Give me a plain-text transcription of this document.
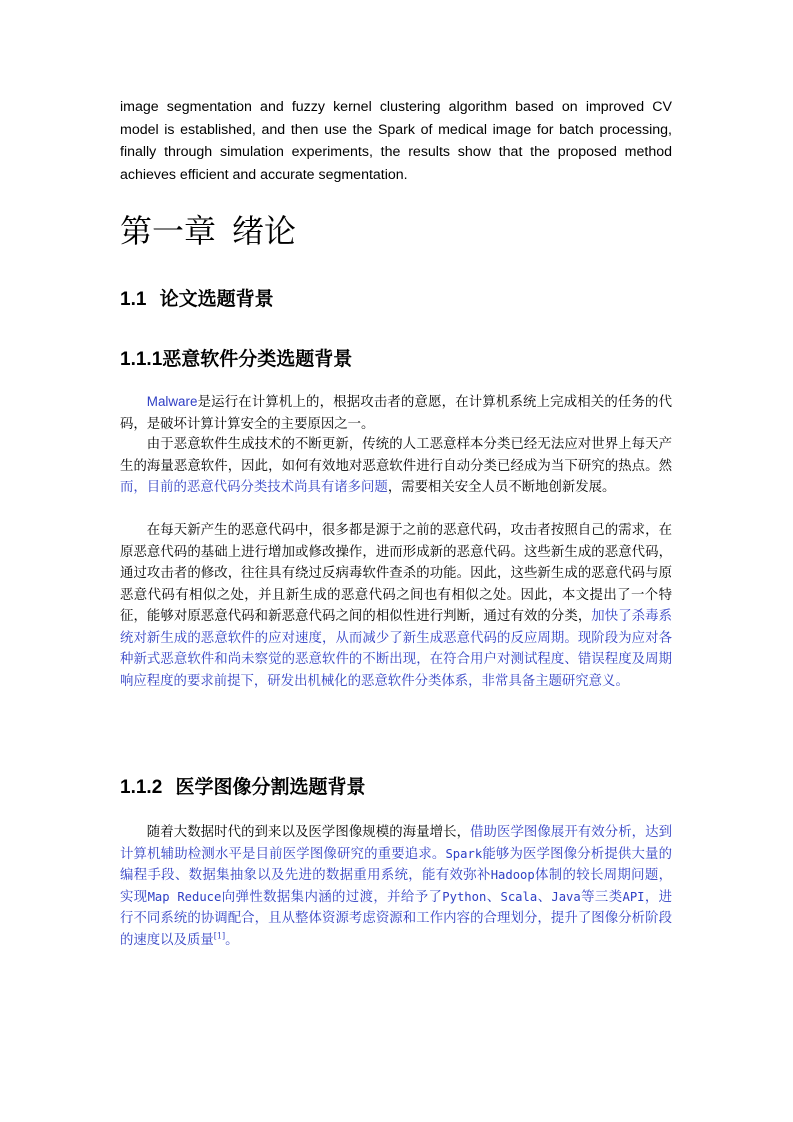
image segmentation and fuzzy kernel clustering algorithm based on improved CV model is established, and then use the Spark of medical image for batch processing, finally through simulation experiments, the results show that the proposed method achieves efficient and accurate segmentation.

第一章 绪论
1.1 论文选题背景
1.1.1恶意软件分类选题背景

Malware是运行在计算机上的，根据攻击者的意愿，在计算机系统上完成相关的任务的代码，是破坏计算计算安全的主要原因之一。

由于恶意软件生成技术的不断更新，传统的人工恶意样本分类已经无法应对世界上每天产生的海量恶意软件，因此，如何有效地对恶意软件进行自动分类已经成为当下研究的热点。然而，目前的恶意代码分类技术尚具有诸多问题，需要相关安全人员不断地创新发展。

在每天新产生的恶意代码中，很多都是源于之前的恶意代码，攻击者按照自己的需求，在原恶意代码的基础上进行增加或修改操作，进而形成新的恶意代码。这些新生成的恶意代码，通过攻击者的修改，往往具有绕过反病毒软件查杀的功能。因此，这些新生成的恶意代码与原恶意代码有相似之处，并且新生成的恶意代码之间也有相似之处。因此，本文提出了一个特征，能够对原恶意代码和新恶意代码之间的相似性进行判断，通过有效的分类，加快了杀毒系统对新生成的恶意软件的应对速度，从而减少了新生成恶意代码的反应周期。现阶段为应对各种新式恶意软件和尚未察觉的恶意软件的不断出现，在符合用户对测试程度、错误程度及周期响应程度的要求前提下，研发出机械化的恶意软件分类体系，非常具备主题研究意义。

1.1.2 医学图像分割选题背景

随着大数据时代的到来以及医学图像规模的海量增长，借助医学图像展开有效分析，达到计算机辅助检测水平是目前医学图像研究的重要追求。Spark能够为医学图像分析提供大量的编程手段、数据集抽象以及先进的数据重用系统，能有效弥补Hadoop体制的较长周期问题，实现Map Reduce向弹性数据集内涵的过渡，并给予了Python、Scala、Java等三类API，进行不同系统的协调配合，且从整体资源考虑资源和工作内容的合理划分，提升了图像分析阶段的速度以及质量[1]。
